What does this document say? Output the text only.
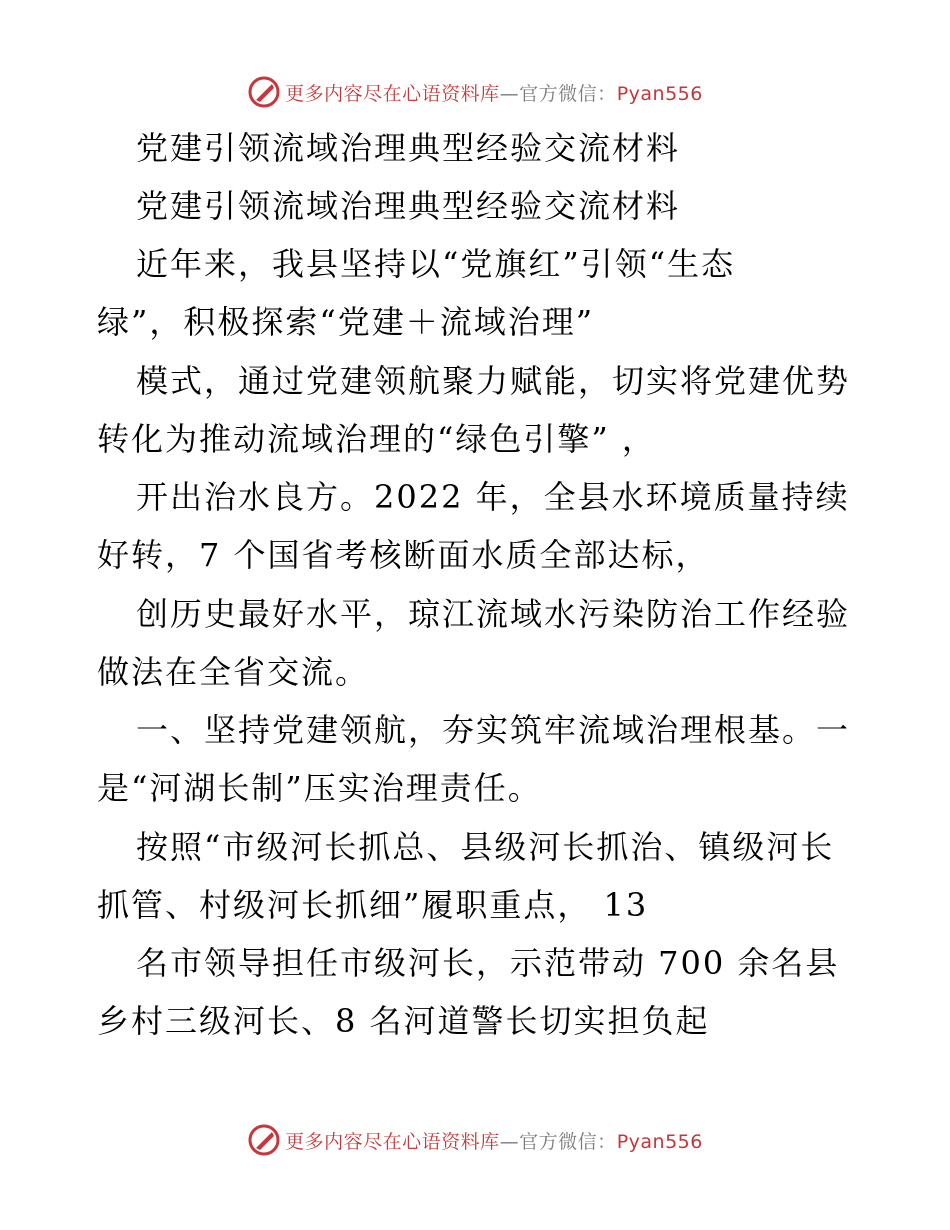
更多内容尽在心语资料库—官方微信：Pyan556
党建引领流域治理典型经验交流材料
党建引领流域治理典型经验交流材料
近年来，我县坚持以“党旗红”引领“生态
绿”，积极探索“党建＋流域治理”
模式，通过党建领航聚力赋能，切实将党建优势
转化为推动流域治理的“绿色引擎” ，
开出治水良方。2022 年，全县水环境质量持续
好转，7 个国省考核断面水质全部达标，
创历史最好水平，琼江流域水污染防治工作经验
做法在全省交流。
一、坚持党建领航，夯实筑牢流域治理根基。一
是“河湖长制”压实治理责任。
按照“市级河长抓总、县级河长抓治、镇级河长
抓管、村级河长抓细”履职重点， 13
名市领导担任市级河长，示范带动 700 余名县
乡村三级河长、8 名河道警长切实担负起
更多内容尽在心语资料库—官方微信：Pyan556
